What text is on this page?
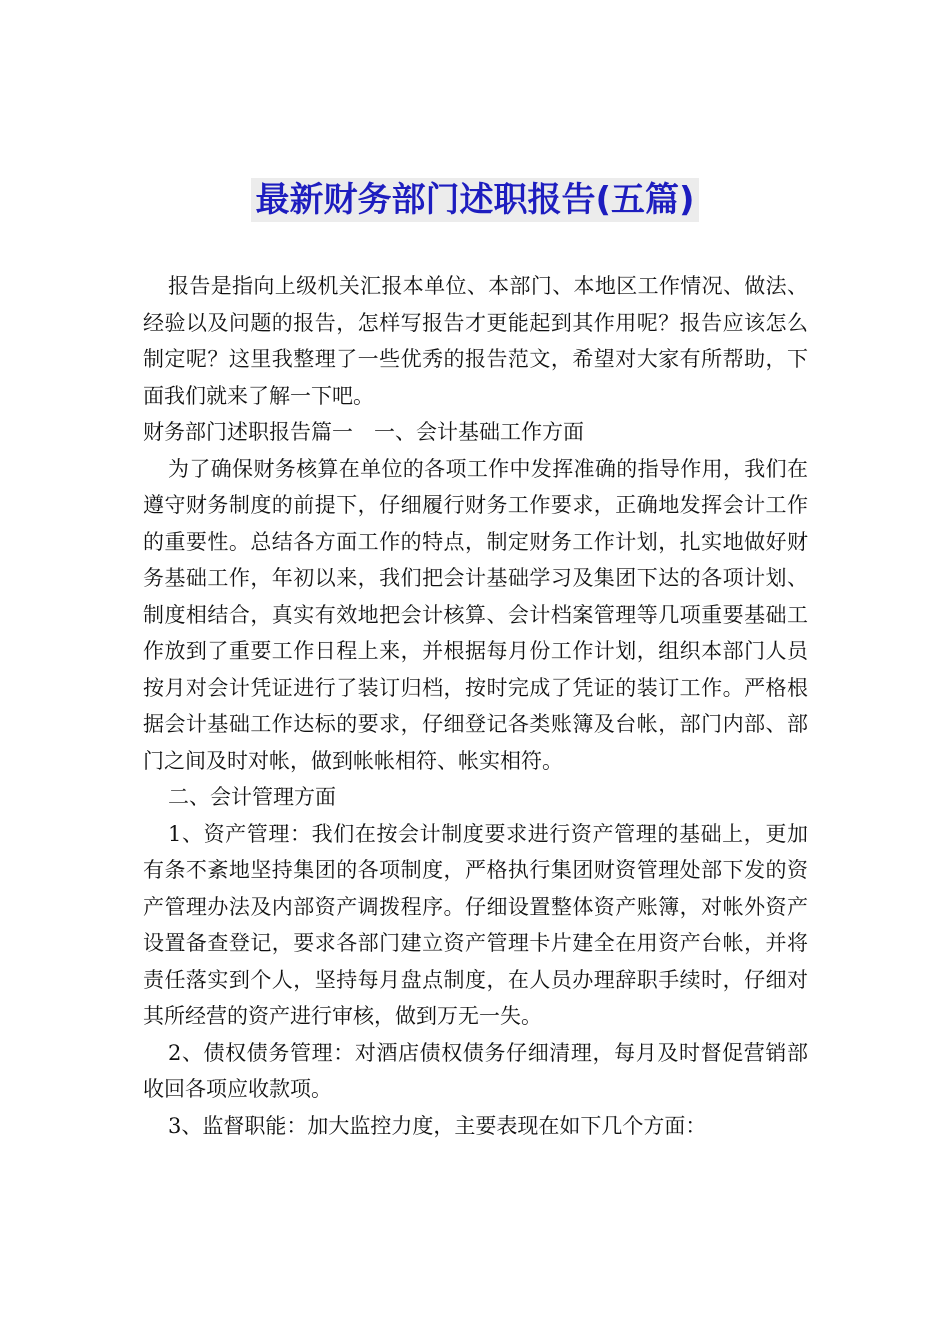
最新财务部门述职报告(五篇)

报告是指向上级机关汇报本单位、本部门、本地区工作情况、做法、经验以及问题的报告，怎样写报告才更能起到其作用呢？报告应该怎么制定呢？这里我整理了一些优秀的报告范文，希望对大家有所帮助，下面我们就来了解一下吧。

财务部门述职报告篇一　一、会计基础工作方面

为了确保财务核算在单位的各项工作中发挥准确的指导作用，我们在遵守财务制度的前提下，仔细履行财务工作要求，正确地发挥会计工作的重要性。总结各方面工作的特点，制定财务工作计划，扎实地做好财务基础工作，年初以来，我们把会计基础学习及集团下达的各项计划、制度相结合，真实有效地把会计核算、会计档案管理等几项重要基础工作放到了重要工作日程上来，并根据每月份工作计划，组织本部门人员按月对会计凭证进行了装订归档，按时完成了凭证的装订工作。严格根据会计基础工作达标的要求，仔细登记各类账簿及台帐，部门内部、部门之间及时对帐，做到帐帐相符、帐实相符。

二、会计管理方面

1、资产管理：我们在按会计制度要求进行资产管理的基础上，更加有条不紊地坚持集团的各项制度，严格执行集团财资管理处部下发的资产管理办法及内部资产调拨程序。仔细设置整体资产账簿，对帐外资产设置备查登记，要求各部门建立资产管理卡片建全在用资产台帐，并将责任落实到个人，坚持每月盘点制度，在人员办理辞职手续时，仔细对其所经营的资产进行审核，做到万无一失。

2、债权债务管理：对酒店债权债务仔细清理，每月及时督促营销部收回各项应收款项。

3、监督职能：加大监控力度，主要表现在如下几个方面：
